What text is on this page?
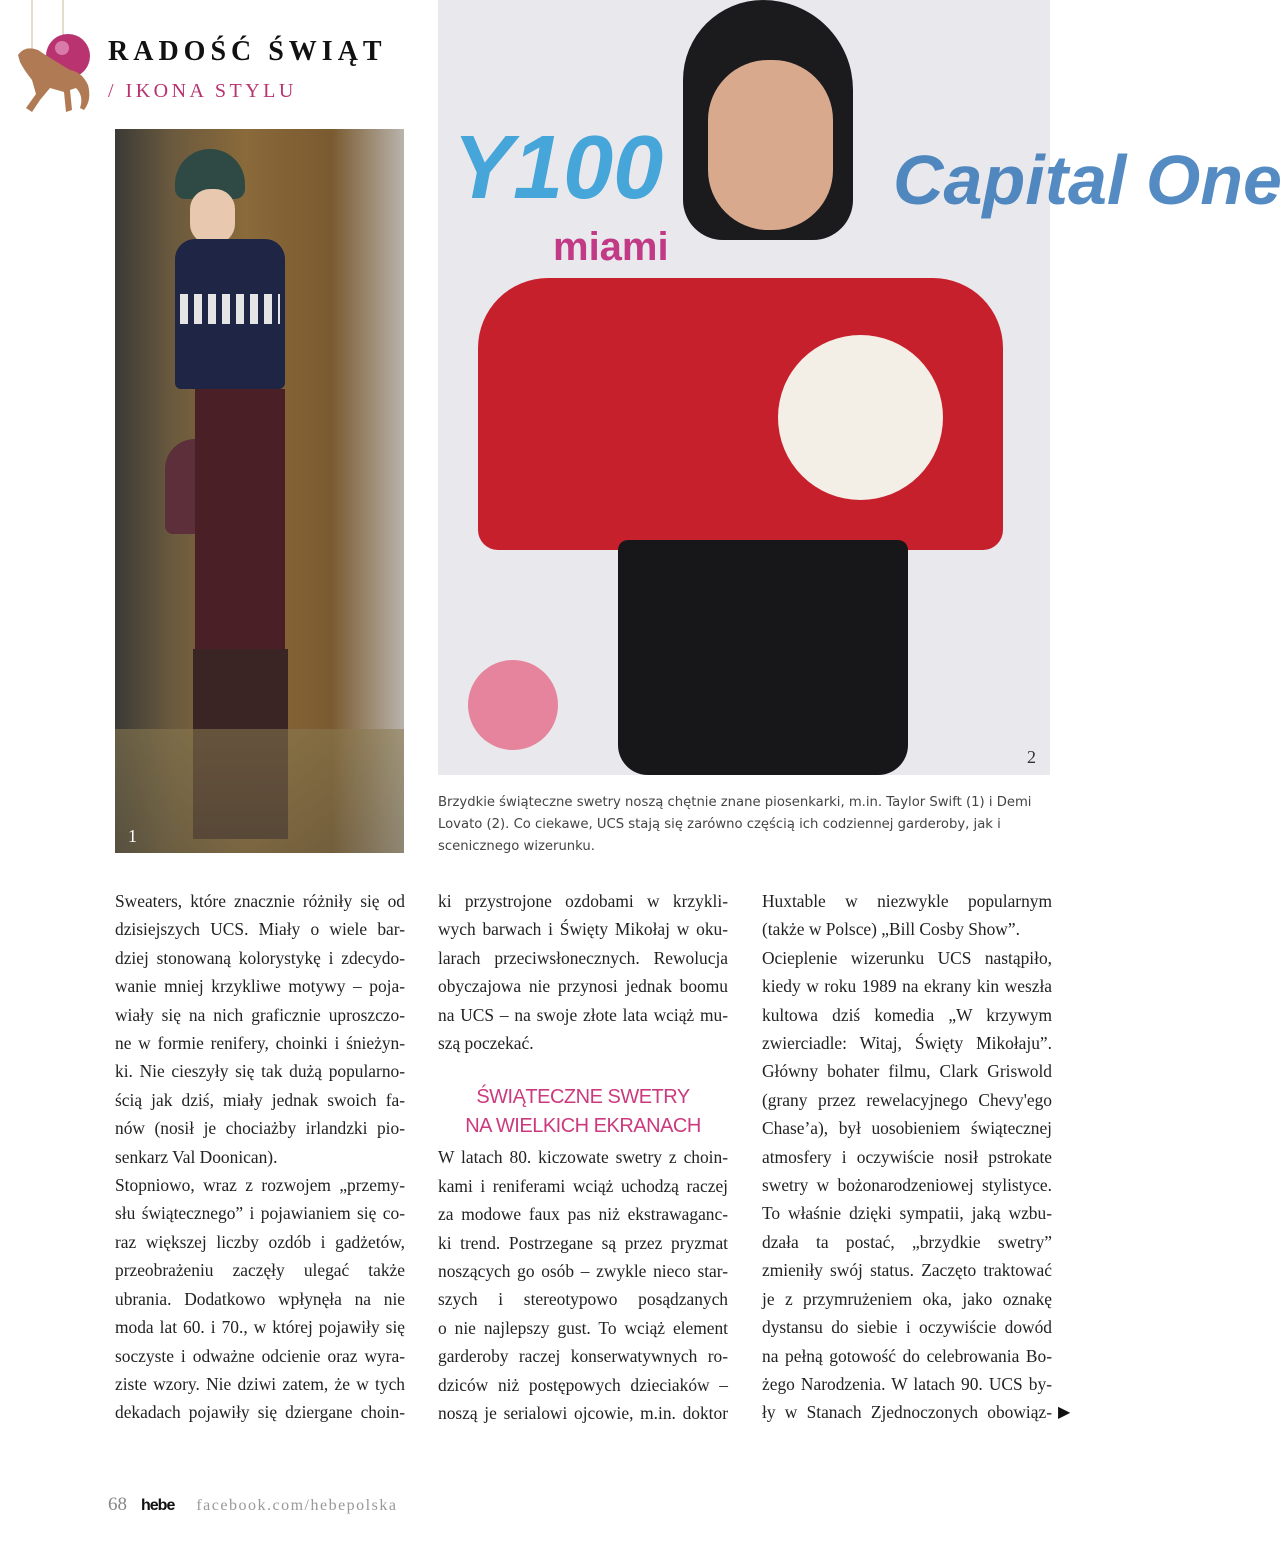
RADOŚĆ ŚWIĄT
/ IKONA STYLU
1
Y100
miami
Capital One
2
Brzydkie świąteczne swetry noszą chętnie znane piosenkarki, m.in. Taylor Swift (1) i Demi Lovato (2). Co ciekawe, UCS stają się zarówno częścią ich codziennej garderoby, jak i scenicznego wizerunku.
Sweaters, które znacznie różniły się od
dzisiejszych UCS. Miały o wiele bar-
dziej stonowaną kolorystykę i zdecydo-
wanie mniej krzykliwe motywy – poja-
wiały się na nich graficznie uproszczo-
ne w formie renifery, choinki i śnieżyn-
ki. Nie cieszyły się tak dużą popularno-
ścią jak dziś, miały jednak swoich fa-
nów (nosił je chociażby irlandzki pio-
senkarz Val Doonican).
Stopniowo, wraz z rozwojem „przemy-
słu świątecznego” i pojawianiem się co-
raz większej liczby ozdób i gadżetów,
przeobrażeniu zaczęły ulegać także
ubrania. Dodatkowo wpłynęła na nie
moda lat 60. i 70., w której pojawiły się
soczyste i odważne odcienie oraz wyra-
ziste wzory. Nie dziwi zatem, że w tych
dekadach pojawiły się dziergane choin-
ki przystrojone ozdobami w krzykli-
wych barwach i Święty Mikołaj w oku-
larach przeciwsłonecznych. Rewolucja
obyczajowa nie przynosi jednak boomu
na UCS – na swoje złote lata wciąż mu-
szą poczekać.
ŚWIĄTECZNE SWETRY
NA WIELKICH EKRANACH
W latach 80. kiczowate swetry z choin-
kami i reniferami wciąż uchodzą raczej
za modowe faux pas niż ekstrawaganc-
ki trend. Postrzegane są przez pryzmat
noszących go osób – zwykle nieco star-
szych i stereotypowo posądzanych
o nie najlepszy gust. To wciąż element
garderoby raczej konserwatywnych ro-
dziców niż postępowych dzieciaków –
noszą je serialowi ojcowie, m.in. doktor
Huxtable w niezwykle popularnym
(także w Polsce) „Bill Cosby Show”.
Ocieplenie wizerunku UCS nastąpiło,
kiedy w roku 1989 na ekrany kin weszła
kultowa dziś komedia „W krzywym
zwierciadle: Witaj, Święty Mikołaju”.
Główny bohater filmu, Clark Griswold
(grany przez rewelacyjnego Chevy'ego
Chase’a), był uosobieniem świątecznej
atmosfery i oczywiście nosił pstrokate
swetry w bożonarodzeniowej stylistyce.
To właśnie dzięki sympatii, jaką wzbu-
dzała ta postać, „brzydkie swetry”
zmieniły swój status. Zaczęto traktować
je z przymrużeniem oka, jako oznakę
dystansu do siebie i oczywiście dowód
na pełną gotowość do celebrowania Bo-
żego Narodzenia. W latach 90. UCS by-
ły w Stanach Zjednoczonych obowiąz- ▶
68 hebe facebook.com/hebepolska
